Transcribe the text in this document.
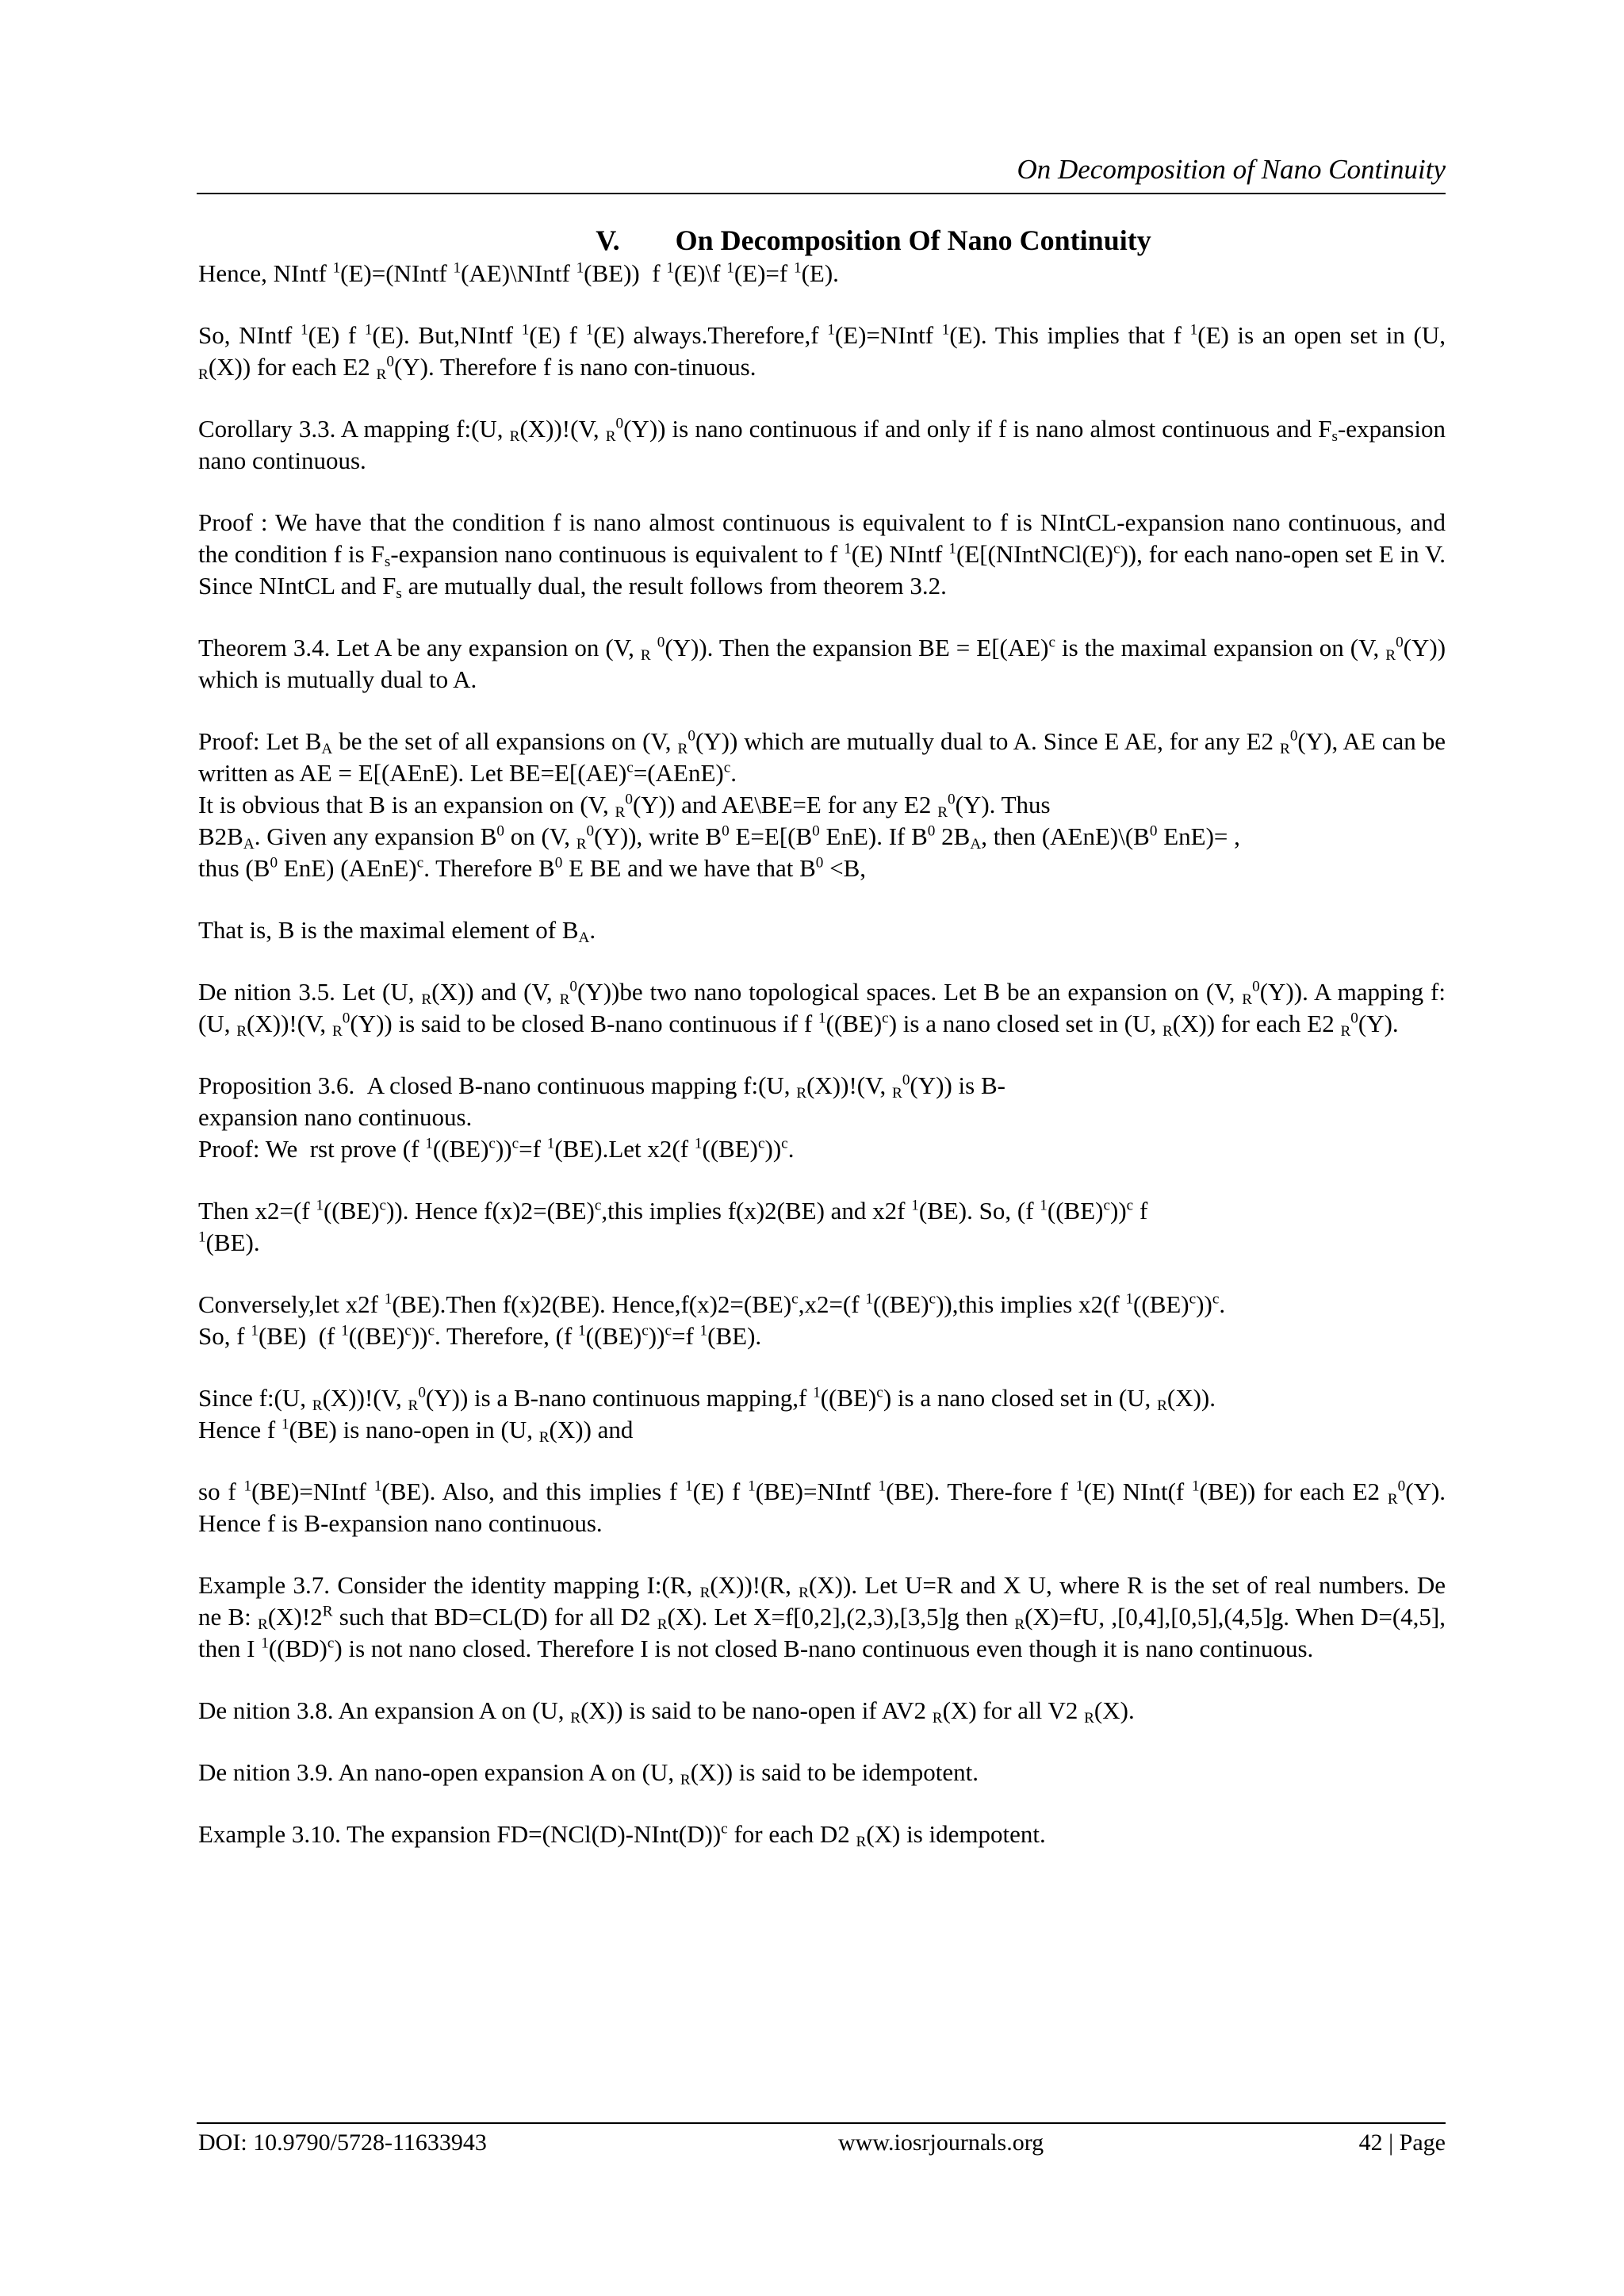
On Decomposition of Nano Continuity
V. On Decomposition Of Nano Continuity

Hence, NIntf $^1$(E)=(NIntf $^1$(AE)\NIntf $^1$(BE))  f $^1$(E)\f $^1$(E)=f $^1$(E).

So, NIntf $^1$(E) f $^1$(E). But,NIntf $^1$(E) f $^1$(E) always.Therefore,f $^1$(E)=NIntf $^1$(E). This implies that f $^1$(E) is an open set in (U, $_R$(X)) for each E2 $_R^0$(Y). Therefore f is nano con-tinuous.

Corollary 3.3. A mapping f:(U, $_R$(X))!(V, $_R^0$(Y)) is nano continuous if and only if f is nano almost continuous and $F_s$-expansion nano continuous.

Proof : We have that the condition f is nano almost continuous is equivalent to f is NIntCL-expansion nano continuous, and the condition f is $F_s$-expansion nano continuous is equivalent to f $^1$(E) NIntf $^1(E[(NIntNCl(E)^c))$, for each nano-open set E in V. Since NIntCL and $F_s$ are mutually dual, the result follows from theorem 3.2.

Theorem 3.4. Let A be any expansion on (V, $_R$ $^0$(Y)). Then the expansion BE = E[(AE)$^c$ is the maximal expansion on (V, $_R^0$(Y)) which is mutually dual to A.

Proof: Let $B_A$ be the set of all expansions on (V, $_R^0$(Y)) which are mutually dual to A. Since E AE, for any E2 $_R^0$(Y), AE can be written as AE = E[(AEnE). Let BE=E[(AE)$^c$=(AEnE)$^c$.
It is obvious that B is an expansion on (V, $_R^0$(Y)) and AE\BE=E for any E2 $_R^0$(Y). Thus
$B2B_A$. Given any expansion $B^0$ on (V, $_R^0$(Y)), write $B^0$ $E=E[(B^0$ EnE). If $B^0$ $2B_A$, then $(AEnE)\backslash(B^0$ EnE)= ,
thus ($B^0$ EnE) (AEnE)$^c$. Therefore $B^0$ E BE and we have that $B^0 <B$,

That is, B is the maximal element of $B_A$.

De nition 3.5. Let (U, $_R$(X)) and (V, $_R^0$(Y))be two nano topological spaces. Let B be an expansion on (V, $_R^0$(Y)). A mapping f:(U, $_R$(X))!(V, $_R^0$(Y)) is said to be closed B-nano continuous if f $^1$((BE)$^c$) is a nano closed set in (U, $_R$(X)) for each E2 $_R^0$(Y).

Proposition 3.6.  A closed B-nano continuous mapping f:(U, $_R$(X))!(V, $_R^0$(Y)) is B-
expansion nano continuous.
Proof: We  rst prove (f $^1$((BE)$^c$))$^c$=f $^1$(BE).Let x2(f $^1$((BE)$^c$))$^c$.

Then x2=(f $^1$((BE)$^c$)). Hence f(x)2=(BE)$^c$,this implies f(x)2(BE) and x2f $^1$(BE). So, (f $^1$((BE)$^c$))$^c$ f
$^1$(BE).

Conversely,let x2f $^1$(BE).Then f(x)2(BE). Hence,f(x)2=(BE)$^c$,x2=(f $^1$((BE)$^c$)),this implies x2(f $^1$((BE)$^c$))$^c$.
So, f $^1$(BE)  (f $^1$((BE)$^c$))$^c$. Therefore, (f $^1$((BE)$^c$))$^c$=f $^1$(BE).

Since f:(U, $_R$(X))!(V, $_R^0$(Y)) is a B-nano continuous mapping,f $^1$((BE)$^c$) is a nano closed set in (U, $_R$(X)).
Hence f $^1$(BE) is nano-open in (U, $_R$(X)) and

so f $^1$(BE)=NIntf $^1$(BE). Also, and this implies f $^1$(E) f $^1$(BE)=NIntf $^1$(BE). There-fore f $^1$(E) NInt(f $^1$(BE)) for each E2 $_R^0$(Y). Hence f is B-expansion nano continuous.

Example 3.7. Consider the identity mapping I:(R, $_R$(X))!(R, $_R$(X)). Let U=R and X U, where R is the set of real numbers. De ne B: $_R(X)!2^R$ such that BD=CL(D) for all D2 $_R$(X). Let X=f[0,2],(2,3),[3,5]g then $_R$(X)=fU, ,[0,4],[0,5],(4,5]g. When D=(4,5], then I $^1$((BD)$^c$) is not nano closed. Therefore I is not closed B-nano continuous even though it is nano continuous.

De nition 3.8. An expansion A on (U, $_R$(X)) is said to be nano-open if AV2 $_R$(X) for all V2 $_R$(X).

De nition 3.9. An nano-open expansion A on (U, $_R$(X)) is said to be idempotent.

Example 3.10. The expansion FD=(NCl(D)-NInt(D))$^c$ for each D2 $_R$(X) is idempotent.

DOI: 10.9790/5728-11633943	www.iosrjournals.org	42 | Page
